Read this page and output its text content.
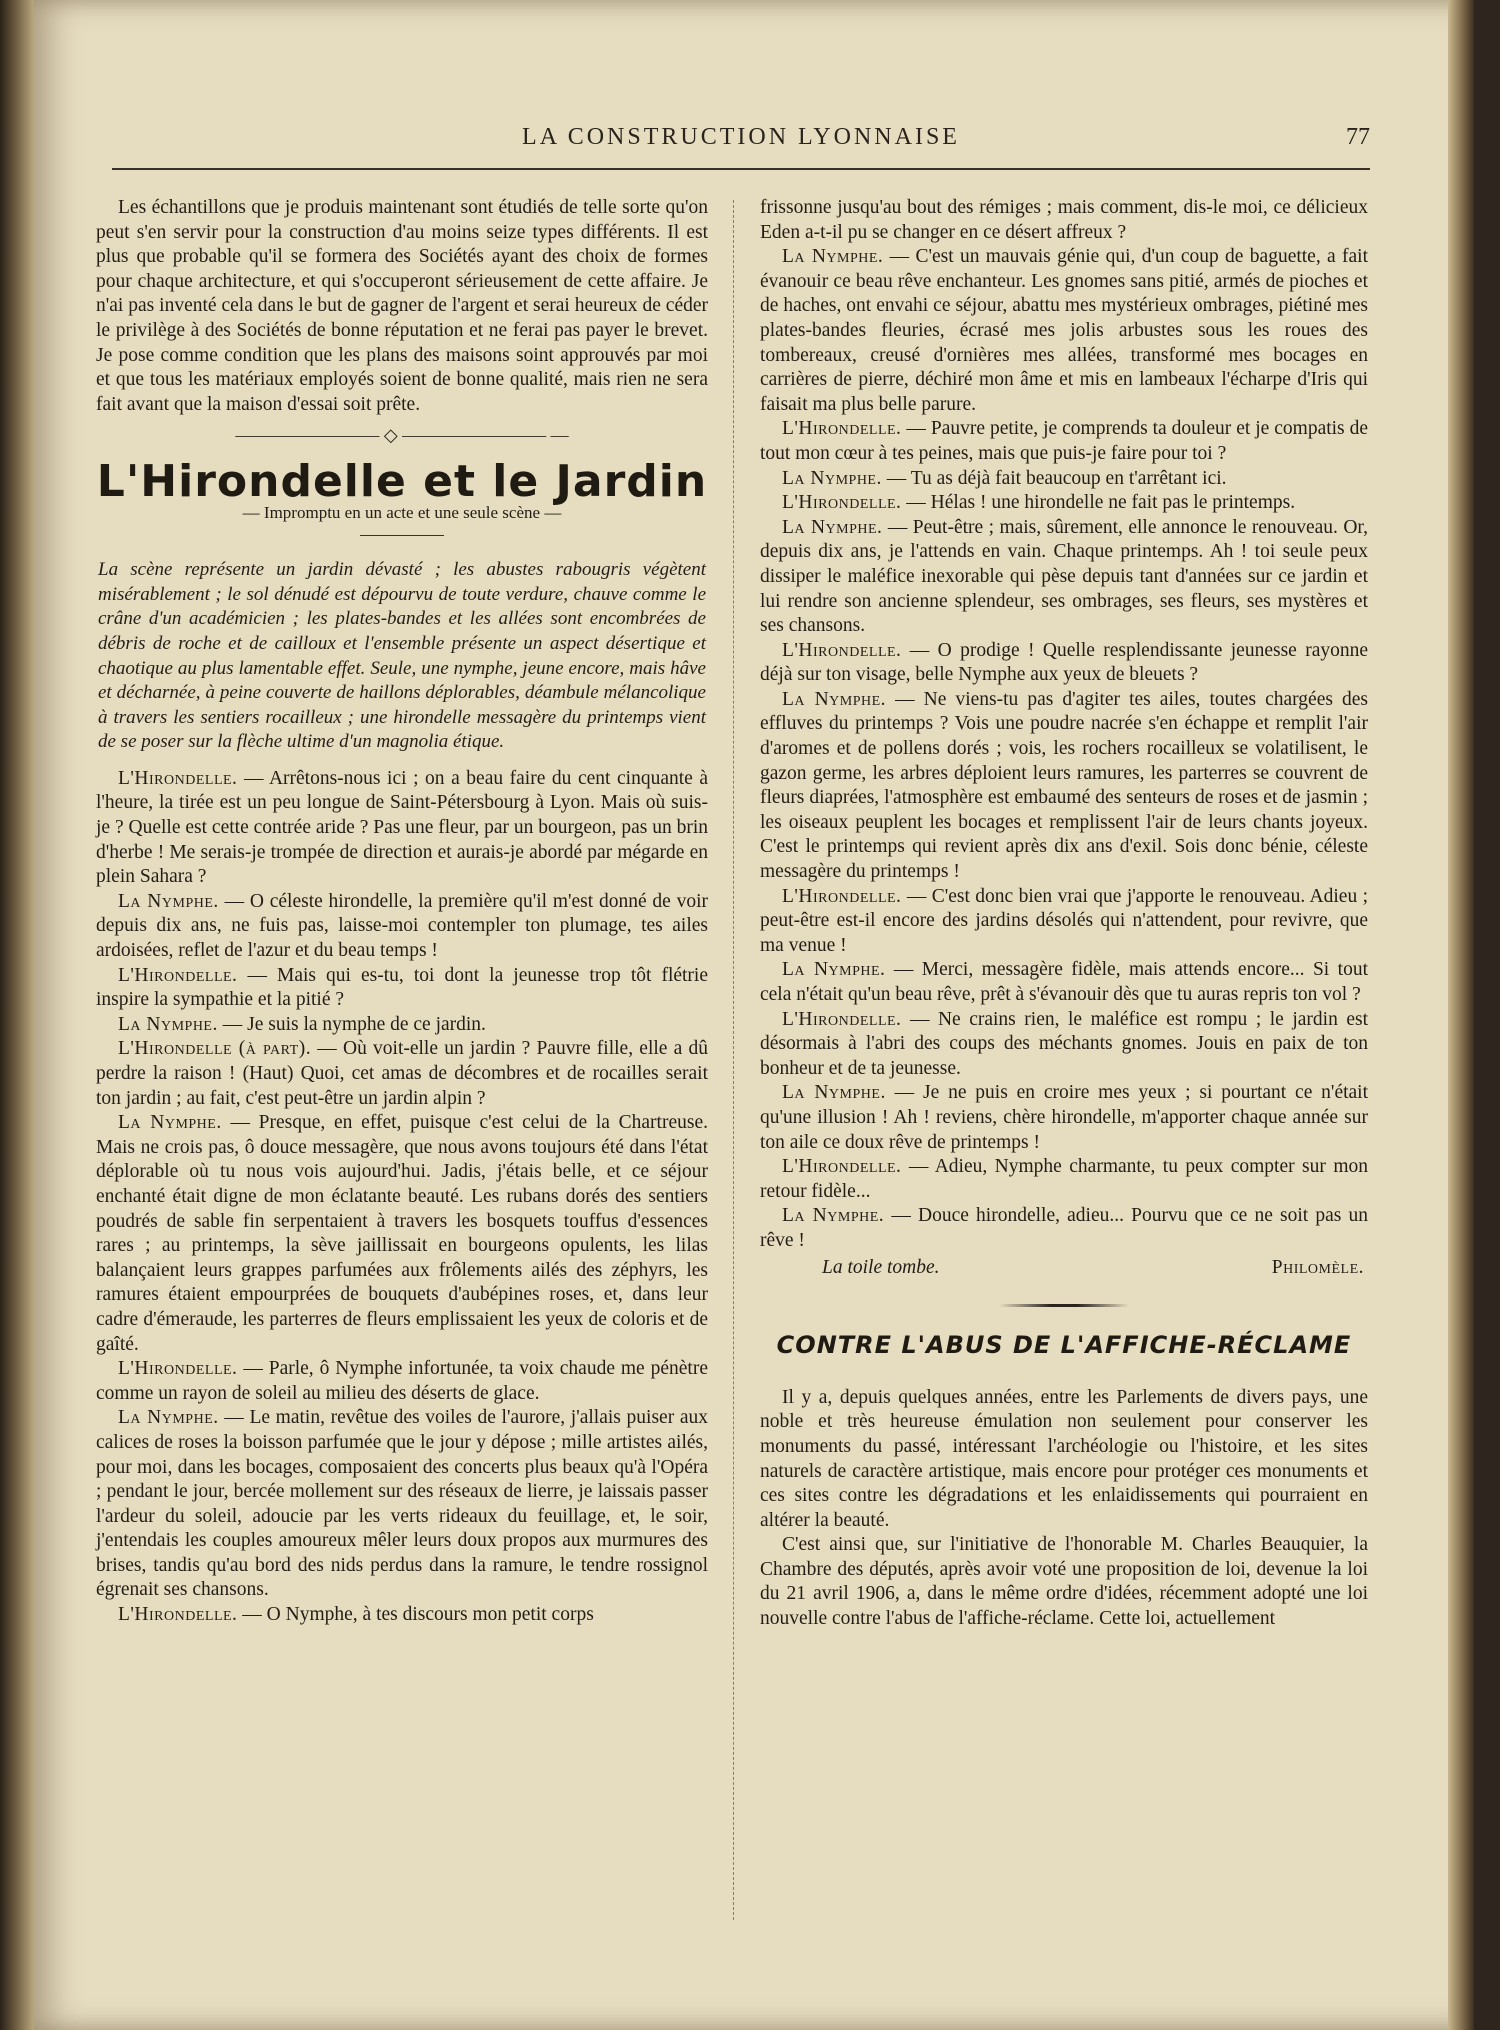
LA CONSTRUCTION LYONNAISE	77

Les échantillons que je produis maintenant sont étudiés de telle sorte qu'on peut s'en servir pour la construction d'au moins seize types différents. Il est plus que probable qu'il se formera des Sociétés ayant des choix de formes pour chaque architecture, et qui s'occuperont sérieusement de cette affaire. Je n'ai pas inventé cela dans le but de gagner de l'argent et serai heureux de céder le privilège à des Sociétés de bonne réputation et ne ferai pas payer le brevet. Je pose comme condition que les plans des maisons soint approuvés par moi et que tous les matériaux employés soient de bonne qualité, mais rien ne sera fait avant que la maison d'essai soit prête.

———————— ◇ ———————— —
L'Hirondelle et le Jardin
— Impromptu en un acte et une seule scène —
La scène représente un jardin dévasté ; les abustes rabougris végètent misérablement ; le sol dénudé est dépourvu de toute verdure, chauve comme le crâne d'un académicien ; les plates-bandes et les allées sont encombrées de débris de roche et de cailloux et l'ensemble présente un aspect désertique et chaotique au plus lamentable effet. Seule, une nymphe, jeune encore, mais hâve et décharnée, à peine couverte de haillons déplorables, déambule mélancolique à travers les sentiers rocailleux ; une hirondelle messagère du printemps vient de se poser sur la flèche ultime d'un magnolia étique.

L'Hirondelle. — Arrêtons-nous ici ; on a beau faire du cent cinquante à l'heure, la tirée est un peu longue de Saint-Pétersbourg à Lyon. Mais où suis-je ? Quelle est cette contrée aride ? Pas une fleur, par un bourgeon, pas un brin d'herbe ! Me serais-je trompée de direction et aurais-je abordé par mégarde en plein Sahara ?

La Nymphe. — O céleste hirondelle, la première qu'il m'est donné de voir depuis dix ans, ne fuis pas, laisse-moi contempler ton plumage, tes ailes ardoisées, reflet de l'azur et du beau temps !

L'Hirondelle. — Mais qui es-tu, toi dont la jeunesse trop tôt flétrie inspire la sympathie et la pitié ?

La Nymphe. — Je suis la nymphe de ce jardin.

L'Hirondelle (à part). — Où voit-elle un jardin ? Pauvre fille, elle a dû perdre la raison ! (Haut) Quoi, cet amas de décombres et de rocailles serait ton jardin ; au fait, c'est peut-être un jardin alpin ?

La Nymphe. — Presque, en effet, puisque c'est celui de la Chartreuse. Mais ne crois pas, ô douce messagère, que nous avons toujours été dans l'état déplorable où tu nous vois aujourd'hui. Jadis, j'étais belle, et ce séjour enchanté était digne de mon éclatante beauté. Les rubans dorés des sentiers poudrés de sable fin serpentaient à travers les bosquets touffus d'essences rares ; au printemps, la sève jaillissait en bourgeons opulents, les lilas balançaient leurs grappes parfumées aux frôlements ailés des zéphyrs, les ramures étaient empourprées de bouquets d'aubépines roses, et, dans leur cadre d'émeraude, les parterres de fleurs emplissaient les yeux de coloris et de gaîté.

L'Hirondelle. — Parle, ô Nymphe infortunée, ta voix chaude me pénètre comme un rayon de soleil au milieu des déserts de glace.

La Nymphe. — Le matin, revêtue des voiles de l'aurore, j'allais puiser aux calices de roses la boisson parfumée que le jour y dépose ; mille artistes ailés, pour moi, dans les bocages, composaient des concerts plus beaux qu'à l'Opéra ; pendant le jour, bercée mollement sur des réseaux de lierre, je laissais passer l'ardeur du soleil, adoucie par les verts rideaux du feuillage, et, le soir, j'entendais les couples amoureux mêler leurs doux propos aux murmures des brises, tandis qu'au bord des nids perdus dans la ramure, le tendre rossignol égrenait ses chansons.

L'Hirondelle. — O Nymphe, à tes discours mon petit corps

frissonne jusqu'au bout des rémiges ; mais comment, dis-le moi, ce délicieux Eden a-t-il pu se changer en ce désert affreux ?

La Nymphe. — C'est un mauvais génie qui, d'un coup de baguette, a fait évanouir ce beau rêve enchanteur. Les gnomes sans pitié, armés de pioches et de haches, ont envahi ce séjour, abattu mes mystérieux ombrages, piétiné mes plates-bandes fleuries, écrasé mes jolis arbustes sous les roues des tombereaux, creusé d'ornières mes allées, transformé mes bocages en carrières de pierre, déchiré mon âme et mis en lambeaux l'écharpe d'Iris qui faisait ma plus belle parure.

L'Hirondelle. — Pauvre petite, je comprends ta douleur et je compatis de tout mon cœur à tes peines, mais que puis-je faire pour toi ?

La Nymphe. — Tu as déjà fait beaucoup en t'arrêtant ici.

L'Hirondelle. — Hélas ! une hirondelle ne fait pas le printemps.

La Nymphe. — Peut-être ; mais, sûrement, elle annonce le renouveau. Or, depuis dix ans, je l'attends en vain. Chaque printemps. Ah ! toi seule peux dissiper le maléfice inexorable qui pèse depuis tant d'années sur ce jardin et lui rendre son ancienne splendeur, ses ombrages, ses fleurs, ses mystères et ses chansons.

L'Hirondelle. — O prodige ! Quelle resplendissante jeunesse rayonne déjà sur ton visage, belle Nymphe aux yeux de bleuets ?

La Nymphe. — Ne viens-tu pas d'agiter tes ailes, toutes chargées des effluves du printemps ? Vois une poudre nacrée s'en échappe et remplit l'air d'aromes et de pollens dorés ; vois, les rochers rocailleux se volatilisent, le gazon germe, les arbres déploient leurs ramures, les parterres se couvrent de fleurs diaprées, l'atmosphère est embaumé des senteurs de roses et de jasmin ; les oiseaux peuplent les bocages et remplissent l'air de leurs chants joyeux. C'est le printemps qui revient après dix ans d'exil. Sois donc bénie, céleste messagère du printemps !

L'Hirondelle. — C'est donc bien vrai que j'apporte le renouveau. Adieu ; peut-être est-il encore des jardins désolés qui n'attendent, pour revivre, que ma venue !

La Nymphe. — Merci, messagère fidèle, mais attends encore... Si tout cela n'était qu'un beau rêve, prêt à s'évanouir dès que tu auras repris ton vol ?

L'Hirondelle. — Ne crains rien, le maléfice est rompu ; le jardin est désormais à l'abri des coups des méchants gnomes. Jouis en paix de ton bonheur et de ta jeunesse.

La Nymphe. — Je ne puis en croire mes yeux ; si pourtant ce n'était qu'une illusion ! Ah ! reviens, chère hirondelle, m'apporter chaque année sur ton aile ce doux rêve de printemps !

L'Hirondelle. — Adieu, Nymphe charmante, tu peux compter sur mon retour fidèle...

La Nymphe. — Douce hirondelle, adieu... Pourvu que ce ne soit pas un rêve !

La toile tombe.	Philomèle.
CONTRE L'ABUS DE L'AFFICHE-RÉCLAME

Il y a, depuis quelques années, entre les Parlements de divers pays, une noble et très heureuse émulation non seulement pour conserver les monuments du passé, intéressant l'archéologie ou l'histoire, et les sites naturels de caractère artistique, mais encore pour protéger ces monuments et ces sites contre les dégradations et les enlaidissements qui pourraient en altérer la beauté.

C'est ainsi que, sur l'initiative de l'honorable M. Charles Beauquier, la Chambre des députés, après avoir voté une proposition de loi, devenue la loi du 21 avril 1906, a, dans le même ordre d'idées, récemment adopté une loi nouvelle contre l'abus de l'affiche-réclame. Cette loi, actuellement
